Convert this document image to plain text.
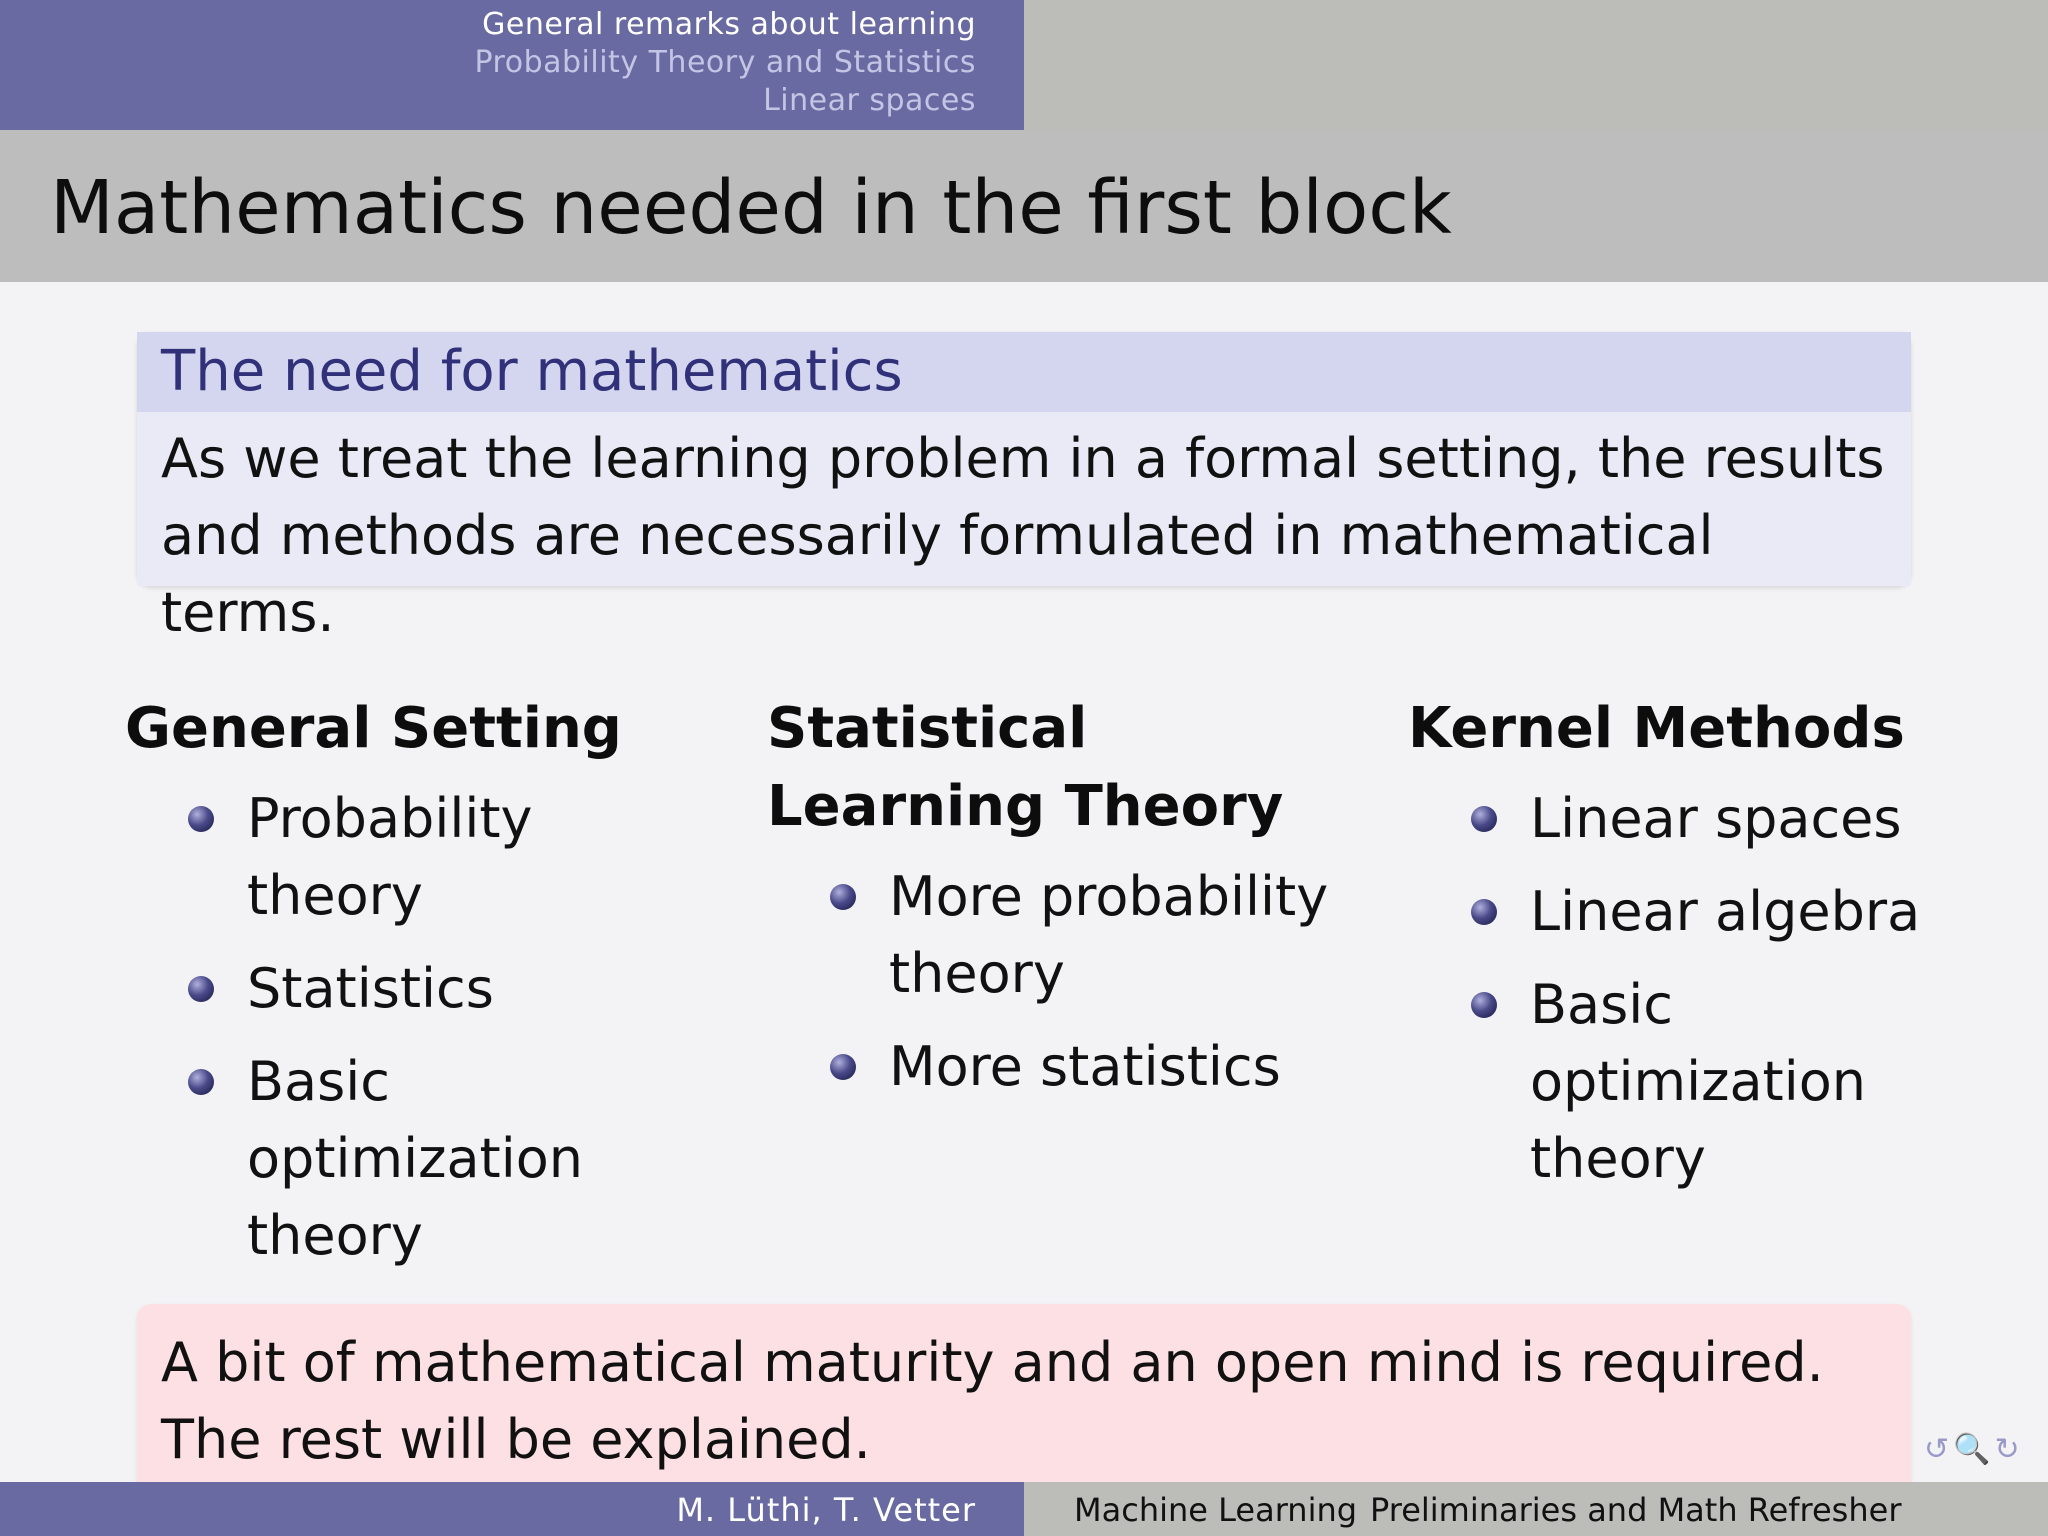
General remarks about learning
Probability Theory and Statistics
Linear spaces
Mathematics needed in the first block
The need for mathematics
As we treat the learning problem in a formal setting, the results and methods are necessarily formulated in mathematical terms.
General Setting
Probability theory
Statistics
Basic optimization theory
Statistical Learning Theory
More probability theory
More statistics
Kernel Methods
Linear spaces
Linear algebra
Basic optimization theory
A bit of mathematical maturity and an open mind is required. The rest will be explained.	↺🔍↻
M. Lüthi, T. Vetter	Machine Learning Preliminaries and Math Refresher
